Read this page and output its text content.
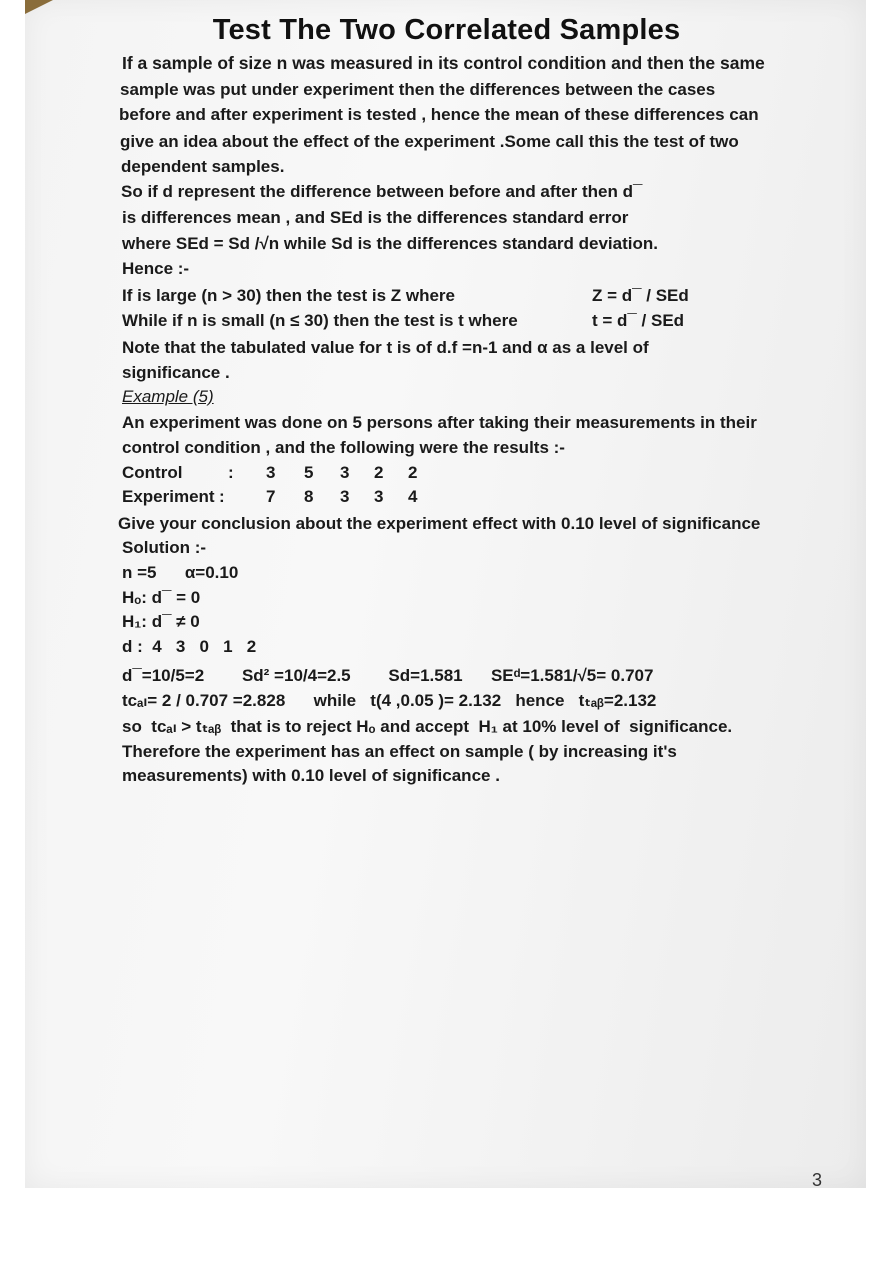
Test The Two Correlated Samples
If a sample of size n was measured in its control condition and then the same
sample was put under experiment then the differences between the cases
before and after experiment is tested , hence the mean of these differences can
give an idea about the effect of the experiment .Some call this the test of two
dependent samples.
So if d represent the difference between before and after then d¯
is differences mean , and SEd is the differences standard error
where SEd = Sd /√n while Sd is the differences standard deviation.
Hence :-
If is large (n > 30) then the test is Z where	Z = d¯ / SEd
While if n is small (n ≤ 30) then the test is t where	t = d¯ / SEd
Note that the tabulated value for t is of d.f =n-1 and α as a level of
significance .
Example (5)
An experiment was done on 5 persons after taking their measurements in their
control condition , and the following were the results :-
Control	: 3 5 3 2 2
Experiment : 7 8 3 3 4
Give your conclusion about the experiment effect with 0.10 level of significance
Solution :-
n =5      α=0.10
Hₒ: d¯ = 0
H₁: d¯ ≠ 0
d :  4   3   0   1   2
d¯=10/5=2        Sd² =10/4=2.5        Sd=1.581      SEᵈ=1.581/√5= 0.707
tᴄₐₗ= 2 / 0.707 =2.828      while   t(4 ,0.05 )= 2.132   hence   tₜₐᵦ=2.132
so  tᴄₐₗ > tₜₐᵦ  that is to reject Hₒ and accept  H₁ at 10% level of  significance.
Therefore the experiment has an effect on sample ( by increasing it's
measurements) with 0.10 level of significance .
3
